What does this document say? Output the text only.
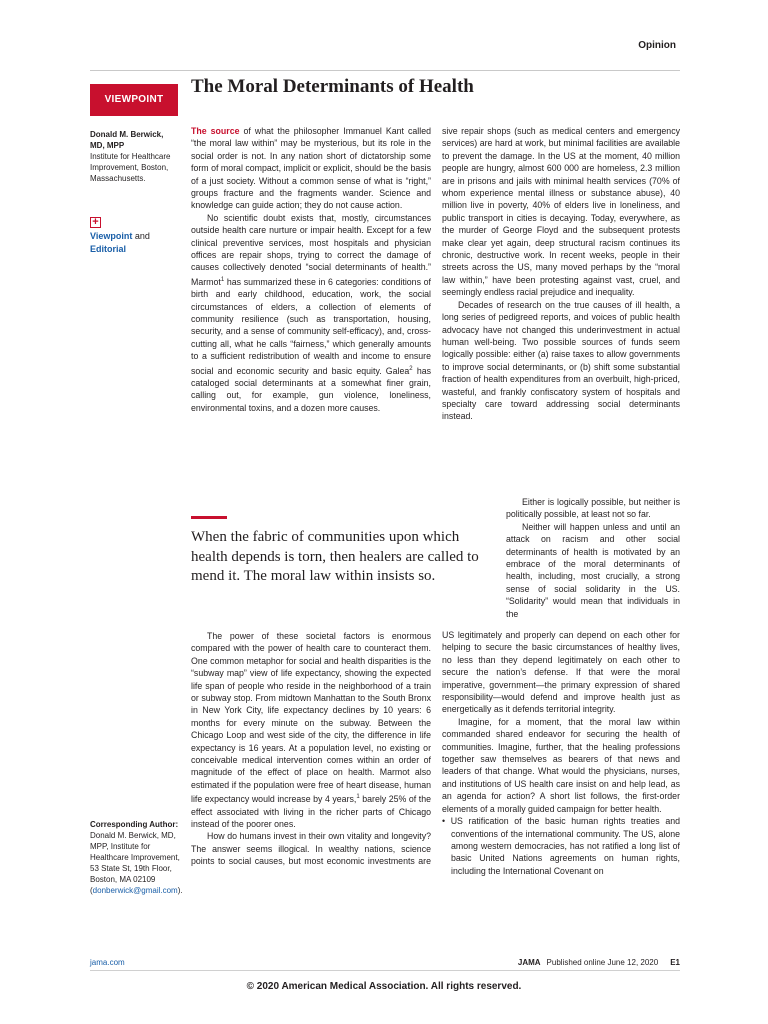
Opinion
VIEWPOINT
The Moral Determinants of Health
Donald M. Berwick, MD, MPP
Institute for Healthcare Improvement, Boston, Massachusetts.
+
Viewpoint and
Editorial
Corresponding Author: Donald M. Berwick, MD, MPP, Institute for Healthcare Improvement, 53 State St, 19th Floor, Boston, MA 02109 (donberwick@gmail.com).

The source of what the philosopher Immanuel Kant called “the moral law within” may be mysterious, but its role in the social order is not. In any nation short of dictatorship some form of moral compact, implicit or explicit, should be the basis of a just society. Without a common sense of what is “right,” groups fracture and the fragments wander. Science and knowledge can guide action; they do not cause action.

No scientific doubt exists that, mostly, circumstances outside health care nurture or impair health. Except for a few clinical preventive services, most hospitals and physician offices are repair shops, trying to correct the damage of causes collectively denoted “social determinants of health.” Marmot$^1$ has summarized these in 6 categories: conditions of birth and early childhood, education, work, the social circumstances of elders, a collection of elements of community resilience (such as transportation, housing, security, and a sense of community self-efficacy), and, cross-cutting all, what he calls “fairness,” which generally amounts to a sufficient redistribution of wealth and income to ensure social and economic security and basic equity. Galea$^2$ has cataloged social determinants at a somewhat finer grain, calling out, for example, gun violence, loneliness, environmental toxins, and a dozen more causes.

When the fabric of communities upon which health depends is torn, then healers are called to mend it. The moral law within insists so.

The power of these societal factors is enormous compared with the power of health care to counteract them. One common metaphor for social and health disparities is the “subway map” view of life expectancy, showing the expected life span of people who reside in the neighborhood of a train or subway stop. From midtown Manhattan to the South Bronx in New York City, life expectancy declines by 10 years: 6 months for every minute on the subway. Between the Chicago Loop and west side of the city, the difference in life expectancy is 16 years. At a population level, no existing or conceivable medical intervention comes within an order of magnitude of the effect of place on health. Marmot also estimated if the population were free of heart disease, human life expectancy would increase by 4 years,$^1$ barely 25% of the effect associated with living in the richer parts of Chicago instead of the poorer ones.

How do humans invest in their own vitality and longevity? The answer seems illogical. In wealthy nations, science points to social causes, but most economic investments are

sive repair shops (such as medical centers and emergency services) are hard at work, but minimal facilities are available to prevent the damage. In the US at the moment, 40 million people are hungry, almost 600 000 are homeless, 2.3 million are in prisons and jails with minimal health services (70% of whom experience mental illness or substance abuse), 40 million live in poverty, 40% of elders live in loneliness, and public transport in cities is decaying. Today, everywhere, as the murder of George Floyd and the subsequent protests make clear yet again, deep structural racism continues its chronic, destructive work. In recent weeks, people in their streets across the US, many moved perhaps by the “moral law within,” have been protesting against vast, cruel, and seemingly endless racial prejudice and inequality.

Decades of research on the true causes of ill health, a long series of pedigreed reports, and voices of public health advocacy have not changed this underinvestment in actual human well-being. Two possible sources of funds seem logically possible: either (a) raise taxes to allow governments to improve social determinants, or (b) shift some substantial fraction of health expenditures from an overbuilt, high-priced, wasteful, and frankly confiscatory system of hospitals and specialty care toward addressing social determinants instead.

Either is logically possible, but neither is politically possible, at least not so far.

Neither will happen unless and until an attack on racism and other social determinants of health is motivated by an embrace of the moral determinants of health, including, most crucially, a strong sense of social solidarity in the US. “Solidarity” would mean that individuals in the

US legitimately and properly can depend on each other for helping to secure the basic circumstances of healthy lives, no less than they depend legitimately on each other to secure the nation’s defense. If that were the moral imperative, government—the primary expression of shared responsibility—would defend and improve health just as energetically as it defends territorial integrity.

Imagine, for a moment, that the moral law within commanded shared endeavor for securing the health of communities. Imagine, further, that the healing professions together saw themselves as bearers of that news and leaders of that change. What would the physicians, nurses, and institutions of US health care insist on and help lead, as an agenda for action? A short list follows, the first-order elements of a morally guided campaign for better health.

• US ratification of the basic human rights treaties and conventions of the international community. The US, alone among western democracies, has not ratified a long list of basic United Nations agreements on human rights, including the International Covenant on

jama.com	JAMA Published online June 12, 2020 E1
© 2020 American Medical Association. All rights reserved.
